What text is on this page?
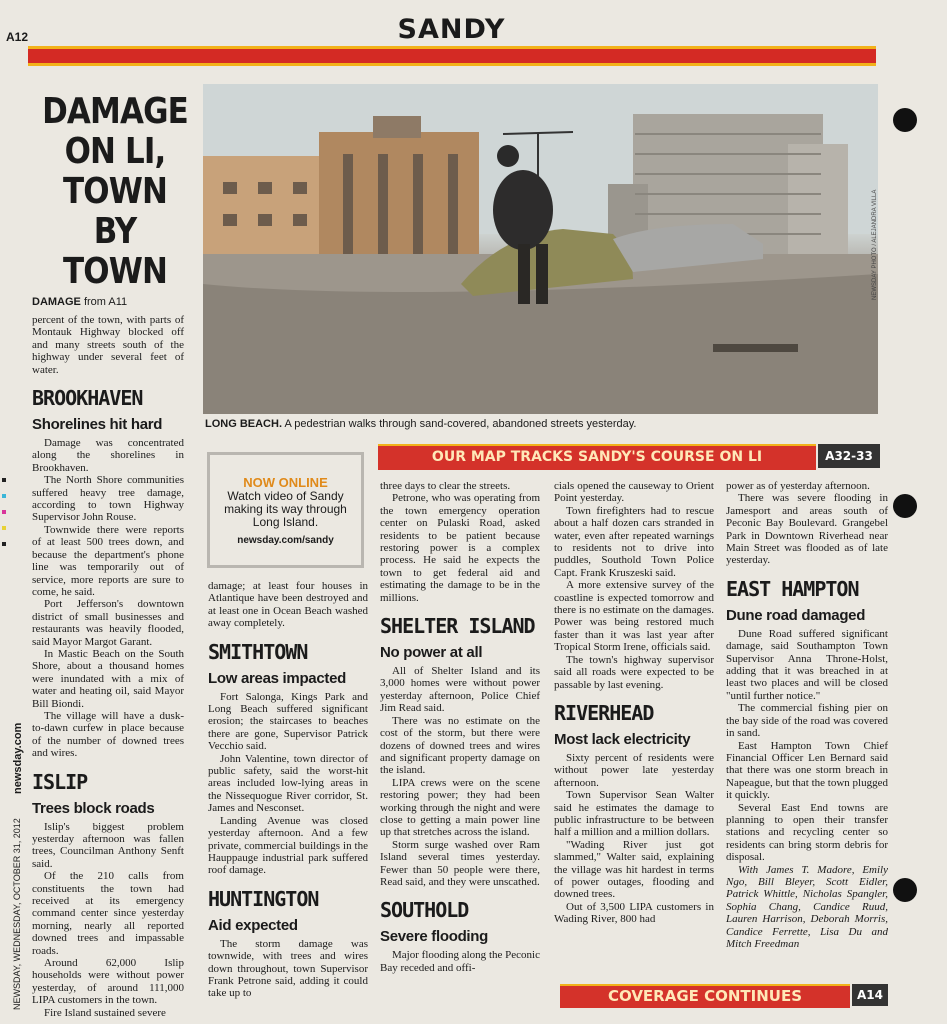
A12	SANDY
newsday.com
NEWSDAY, WEDNESDAY, OCTOBER 31, 2012
DAMAGE ON LI, TOWN BY TOWN	NEWSDAY PHOTO / ALEJANDRA VILLA
LONG BEACH. A pedestrian walks through sand-covered, abandoned streets yesterday.
OUR MAP TRACKS SANDY'S COURSE ON LI	A32-33
NOW ONLINE
Watch video of Sandy making its way through Long Island.
newsday.com/sandy
DAMAGE from A11

percent of the town, with parts of Montauk Highway blocked off and many streets south of the highway under several feet of water.

BROOKHAVEN
Shorelines hit hard

Damage was concentrated along the shorelines in Brookhaven.

The North Shore communities suffered heavy tree damage, according to town Highway Supervisor John Rouse.

Townwide there were reports of at least 500 trees down, and because the department's phone line was temporarily out of service, more reports are sure to come, he said.

Port Jefferson's downtown district of small businesses and restaurants was heavily flooded, said Mayor Margot Garant.

In Mastic Beach on the South Shore, about a thousand homes were inundated with a mix of water and heating oil, said Mayor Bill Biondi.

The village will have a dusk-to-dawn curfew in place because of the number of downed trees and wires.

ISLIP
Trees block roads

Islip's biggest problem yesterday afternoon was fallen trees, Councilman Anthony Senft said.

Of the 210 calls from constituents the town had received at its emergency command center since yesterday morning, nearly all reported downed trees and impassable roads.

Around 62,000 Islip households were without power yesterday, of around 111,000 LIPA customers in the town.

Fire Island sustained severe

damage; at least four houses in Atlantique have been destroyed and at least one in Ocean Beach washed away completely.

SMITHTOWN
Low areas impacted

Fort Salonga, Kings Park and Long Beach suffered significant erosion; the staircases to beaches there are gone, Supervisor Patrick Vecchio said.

John Valentine, town director of public safety, said the worst-hit areas included low-lying areas in the Nissequogue River corridor, St. James and Nesconset.

Landing Avenue was closed yesterday afternoon. And a few private, commercial buildings in the Hauppauge industrial park suffered roof damage.

HUNTINGTON
Aid expected

The storm damage was townwide, with trees and wires down throughout, town Supervisor Frank Petrone said, adding it could take up to

three days to clear the streets.

Petrone, who was operating from the town emergency operation center on Pulaski Road, asked residents to be patient because restoring power is a complex process. He said he expects the town to get federal aid and estimating the damage to be in the millions.

SHELTER ISLAND
No power at all

All of Shelter Island and its 3,000 homes were without power yesterday afternoon, Police Chief Jim Read said.

There was no estimate on the cost of the storm, but there were dozens of downed trees and wires and significant property damage on the island.

LIPA crews were on the scene restoring power; they had been working through the night and were close to getting a main power line up that stretches across the island.

Storm surge washed over Ram Island several times yesterday. Fewer than 50 people were there, Read said, and they were unscathed.

SOUTHOLD
Severe flooding

Major flooding along the Peconic Bay receded and offi-

cials opened the causeway to Orient Point yesterday.

Town firefighters had to rescue about a half dozen cars stranded in water, even after repeated warnings to residents not to drive into puddles, Southold Town Police Capt. Frank Kruszeski said.

A more extensive survey of the coastline is expected tomorrow and there is no estimate on the damages. Power was being restored much faster than it was last year after Tropical Storm Irene, officials said.

The town's highway supervisor said all roads were expected to be passable by last evening.

RIVERHEAD
Most lack electricity

Sixty percent of residents were without power late yesterday afternoon.

Town Supervisor Sean Walter said he estimates the damage to public infrastructure to be between half a million and a million dollars.

"Wading River just got slammed," Walter said, explaining the village was hit hardest in terms of power outages, flooding and downed trees.

Out of 3,500 LIPA customers in Wading River, 800 had

power as of yesterday afternoon.

There was severe flooding in Jamesport and areas south of Peconic Bay Boulevard. Grangebel Park in Downtown Riverhead near Main Street was flooded as of late yesterday.

EAST HAMPTON
Dune road damaged

Dune Road suffered significant damage, said Southampton Town Supervisor Anna Throne-Holst, adding that it was breached in at least two places and will be closed "until further notice."

The commercial fishing pier on the bay side of the road was covered in sand.

East Hampton Town Chief Financial Officer Len Bernard said that there was one storm breach in Napeague, but that the town plugged it quickly.

Several East End towns are planning to open their transfer stations and recycling center so residents can bring storm debris for disposal.

With James T. Madore, Emily Ngo, Bill Bleyer, Scott Eidler, Patrick Whittle, Nicholas Spangler, Sophia Chang, Candice Ruud, Lauren Harrison, Deborah Morris, Candice Ferrette, Lisa Du and Mitch Freedman

COVERAGE CONTINUES	A14
